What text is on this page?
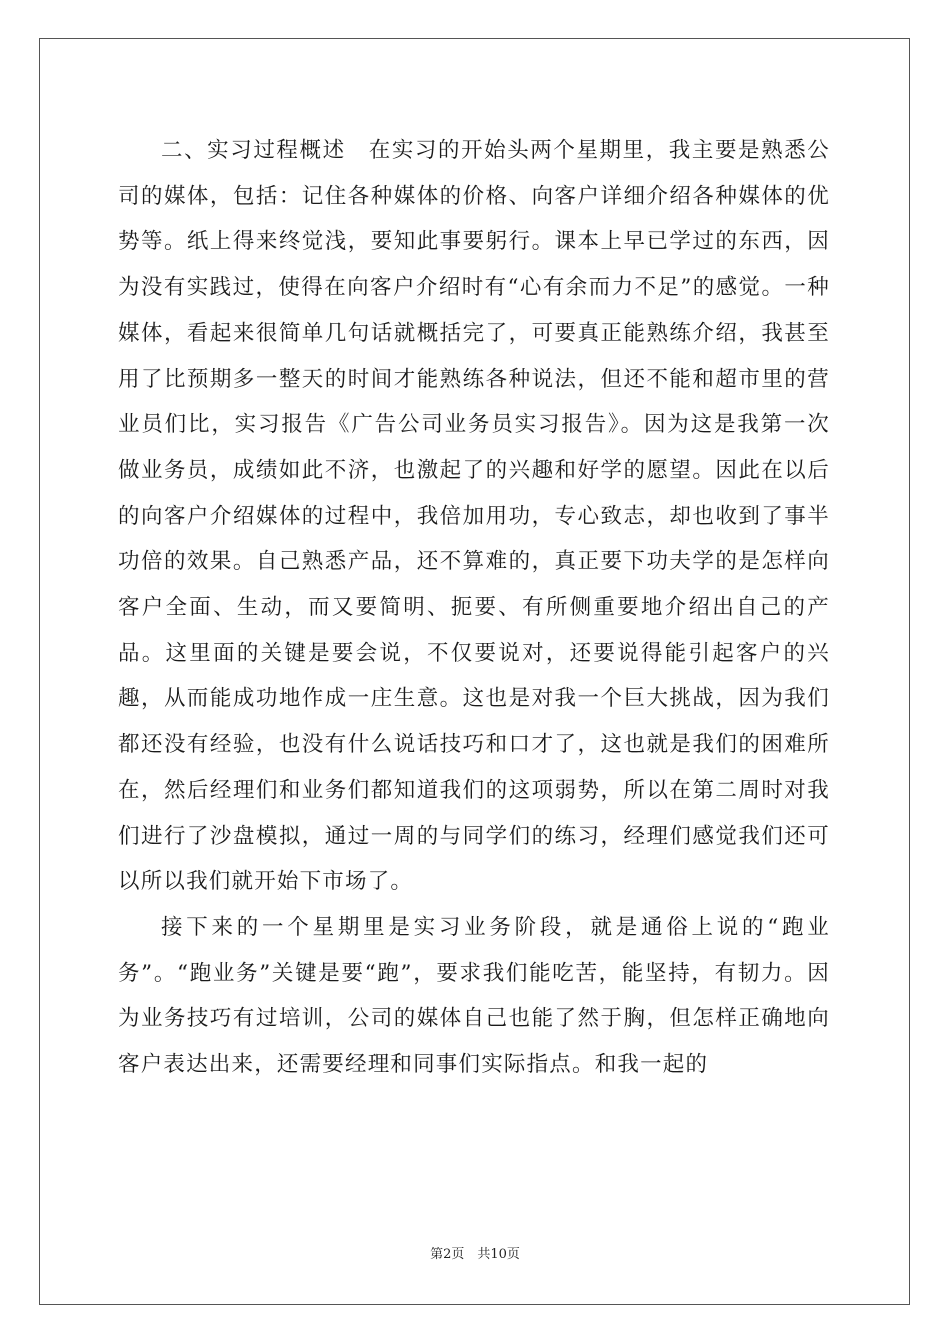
二、实习过程概述　在实习的开始头两个星期里，我主要是熟悉公司的媒体，包括：记住各种媒体的价格、向客户详细介绍各种媒体的优势等。纸上得来终觉浅，要知此事要躬行。课本上早已学过的东西，因为没有实践过，使得在向客户介绍时有“心有余而力不足”的感觉。一种媒体，看起来很简单几句话就概括完了，可要真正能熟练介绍，我甚至用了比预期多一整天的时间才能熟练各种说法，但还不能和超市里的营业员们比，实习报告《广告公司业务员实习报告》。因为这是我第一次做业务员，成绩如此不济，也激起了的兴趣和好学的愿望。因此在以后的向客户介绍媒体的过程中，我倍加用功，专心致志，却也收到了事半功倍的效果。自己熟悉产品，还不算难的，真正要下功夫学的是怎样向客户全面、生动，而又要简明、扼要、有所侧重要地介绍出自己的产品。这里面的关键是要会说，不仅要说对，还要说得能引起客户的兴趣，从而能成功地作成一庄生意。这也是对我一个巨大挑战，因为我们都还没有经验，也没有什么说话技巧和口才了，这也就是我们的困难所在，然后经理们和业务们都知道我们的这项弱势，所以在第二周时对我们进行了沙盘模拟，通过一周的与同学们的练习，经理们感觉我们还可以所以我们就开始下市场了。

接下来的一个星期里是实习业务阶段，就是通俗上说的“跑业务”。“跑业务”关键是要“跑”，要求我们能吃苦，能坚持，有韧力。因为业务技巧有过培训，公司的媒体自己也能了然于胸，但怎样正确地向客户表达出来，还需要经理和同事们实际指点。和我一起的

第2页　共10页
